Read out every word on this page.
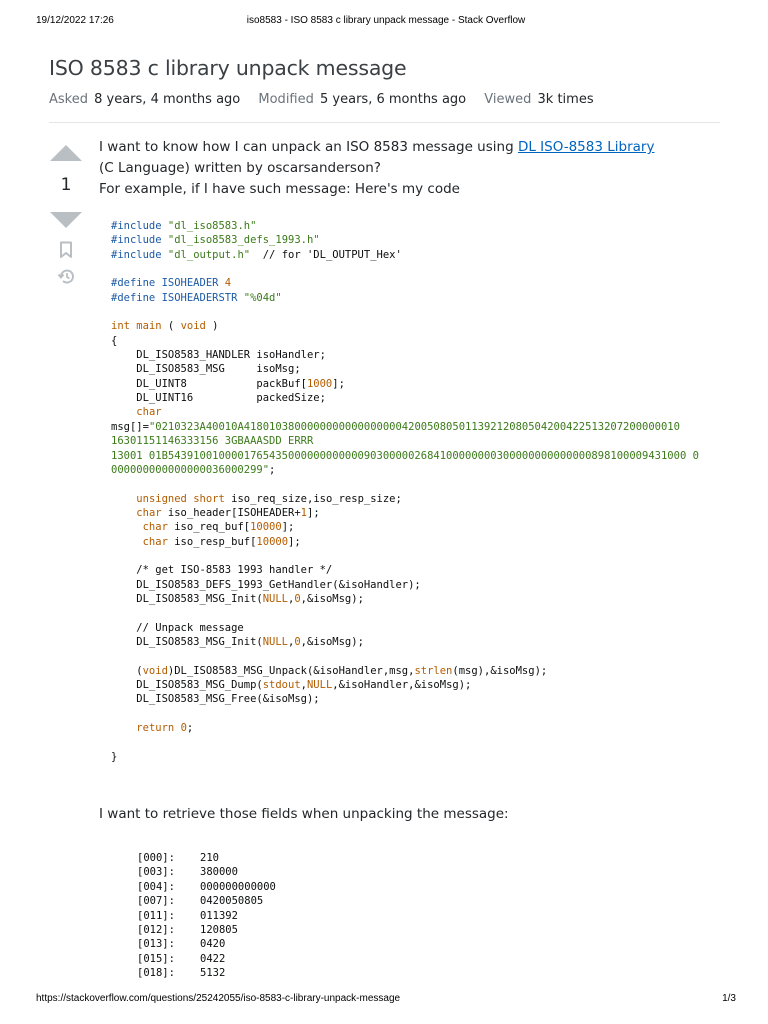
19/12/2022 17:26	iso8583 - ISO 8583 c library unpack message - Stack Overflow
ISO 8583 c library unpack message
Asked 8 years, 4 months ago Modified 5 years, 6 months ago Viewed 3k times
1

I want to know how I can unpack an ISO 8583 message using DL ISO-8583 Library (C Language) written by oscarsanderson?

For example, if I have such message: Here's my code

#include "dl_iso8583.h"
#include "dl_iso8583_defs_1993.h"
#include "dl_output.h"  // for 'DL_OUTPUT_Hex'

#define ISOHEADER 4
#define ISOHEADERSTR "%04d"

int main ( void )
{
DL_ISO8583_HANDLER isoHandler;
DL_ISO8583_MSG     isoMsg;
DL_UINT8           packBuf[1000];
DL_UINT16          packedSize;
char
msg[]="0210323A40010A418010380000000000000000042005080501139212080504200422513207200000010
16301151146333156 3GBAAASDD ERRR
13001 01B5439100100001765435000000000000903000002684100000000300000000000000898100009431000 0
000000000000000036000299";

unsigned short iso_req_size,iso_resp_size;
char iso_header[ISOHEADER+1];
char iso_req_buf[10000];
char iso_resp_buf[10000];

/* get ISO-8583 1993 handler */
DL_ISO8583_DEFS_1993_GetHandler(&isoHandler);
DL_ISO8583_MSG_Init(NULL,0,&isoMsg);

// Unpack message
DL_ISO8583_MSG_Init(NULL,0,&isoMsg);

(void)DL_ISO8583_MSG_Unpack(&isoHandler,msg,strlen(msg),&isoMsg);
DL_ISO8583_MSG_Dump(stdout,NULL,&isoHandler,&isoMsg);
DL_ISO8583_MSG_Free(&isoMsg);

return 0;

}
I want to retrieve those fields when unpacking the message:
[000]:	210
[003]:	380000
[004]:	000000000000
[007]:	0420050805
[011]:	011392
[012]:	120805
[013]:	0420
[015]:	0422
[018]:	5132
https://stackoverflow.com/questions/25242055/iso-8583-c-library-unpack-message	1/3
